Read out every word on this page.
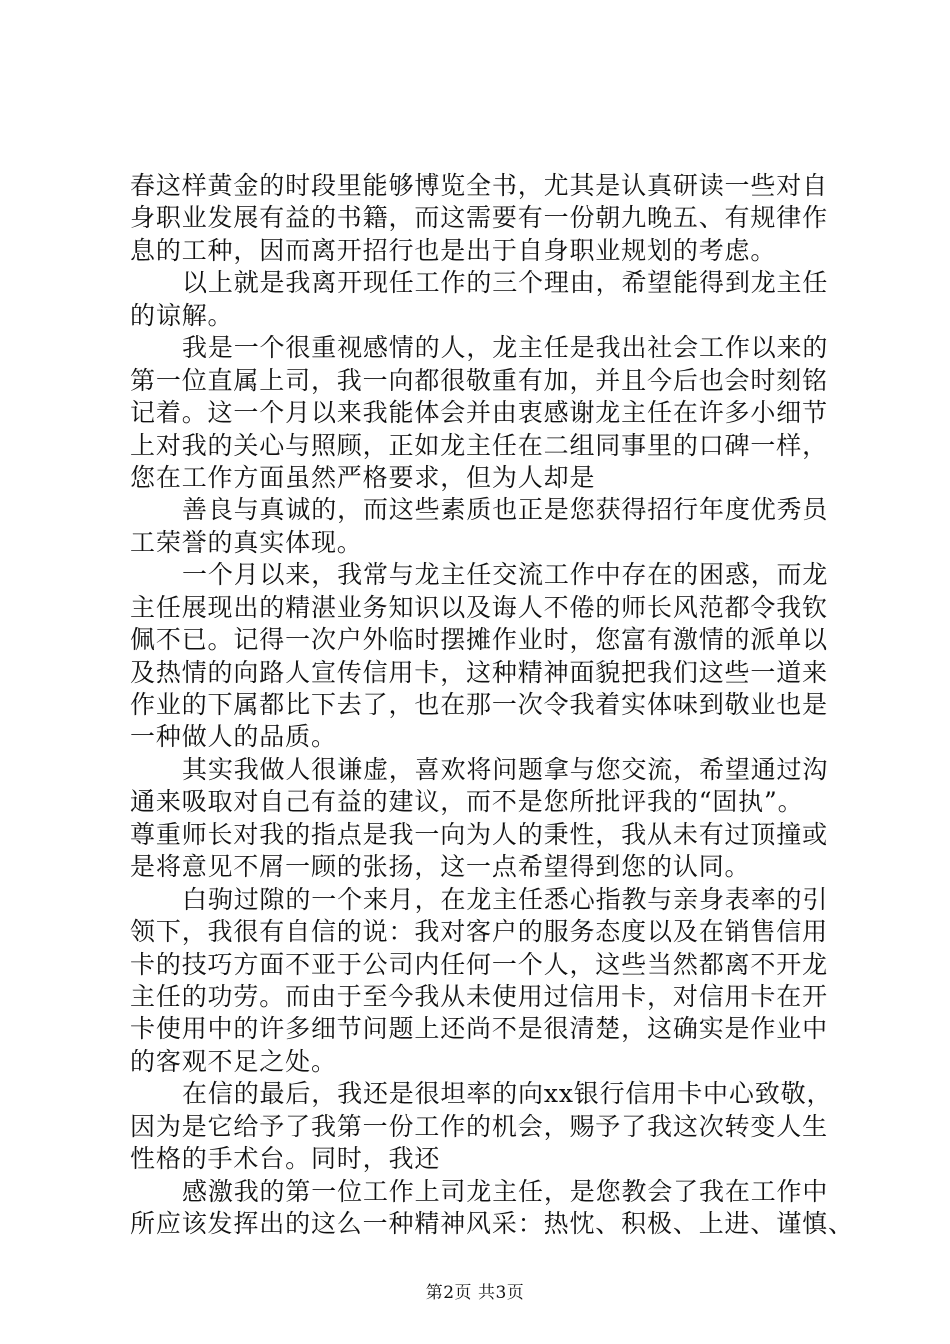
春这样黄金的时段里能够博览全书，尤其是认真研读一些对自
身职业发展有益的书籍，而这需要有一份朝九晚五、有规律作
息的工种，因而离开招行也是出于自身职业规划的考虑。
以上就是我离开现任工作的三个理由，希望能得到龙主任
的谅解。
我是一个很重视感情的人，龙主任是我出社会工作以来的
第一位直属上司，我一向都很敬重有加，并且今后也会时刻铭
记着。这一个月以来我能体会并由衷感谢龙主任在许多小细节
上对我的关心与照顾，正如龙主任在二组同事里的口碑一样，
您在工作方面虽然严格要求，但为人却是
善良与真诚的，而这些素质也正是您获得招行年度优秀员
工荣誉的真实体现。
一个月以来，我常与龙主任交流工作中存在的困惑，而龙
主任展现出的精湛业务知识以及诲人不倦的师长风范都令我钦
佩不已。记得一次户外临时摆摊作业时，您富有激情的派单以
及热情的向路人宣传信用卡，这种精神面貌把我们这些一道来
作业的下属都比下去了，也在那一次令我着实体味到敬业也是
一种做人的品质。
其实我做人很谦虚，喜欢将问题拿与您交流，希望通过沟
通来吸取对自己有益的建议，而不是您所批评我的“固执”。
尊重师长对我的指点是我一向为人的秉性，我从未有过顶撞或
是将意见不屑一顾的张扬，这一点希望得到您的认同。
白驹过隙的一个来月，在龙主任悉心指教与亲身表率的引
领下，我很有自信的说：我对客户的服务态度以及在销售信用
卡的技巧方面不亚于公司内任何一个人，这些当然都离不开龙
主任的功劳。而由于至今我从未使用过信用卡，对信用卡在开
卡使用中的许多细节问题上还尚不是很清楚，这确实是作业中
的客观不足之处。
在信的最后，我还是很坦率的向xx银行信用卡中心致敬，
因为是它给予了我第一份工作的机会，赐予了我这次转变人生
性格的手术台。同时，我还
感激我的第一位工作上司龙主任，是您教会了我在工作中
所应该发挥出的这么一种精神风采：热忱、积极、上进、谨慎、
第2页 共3页
